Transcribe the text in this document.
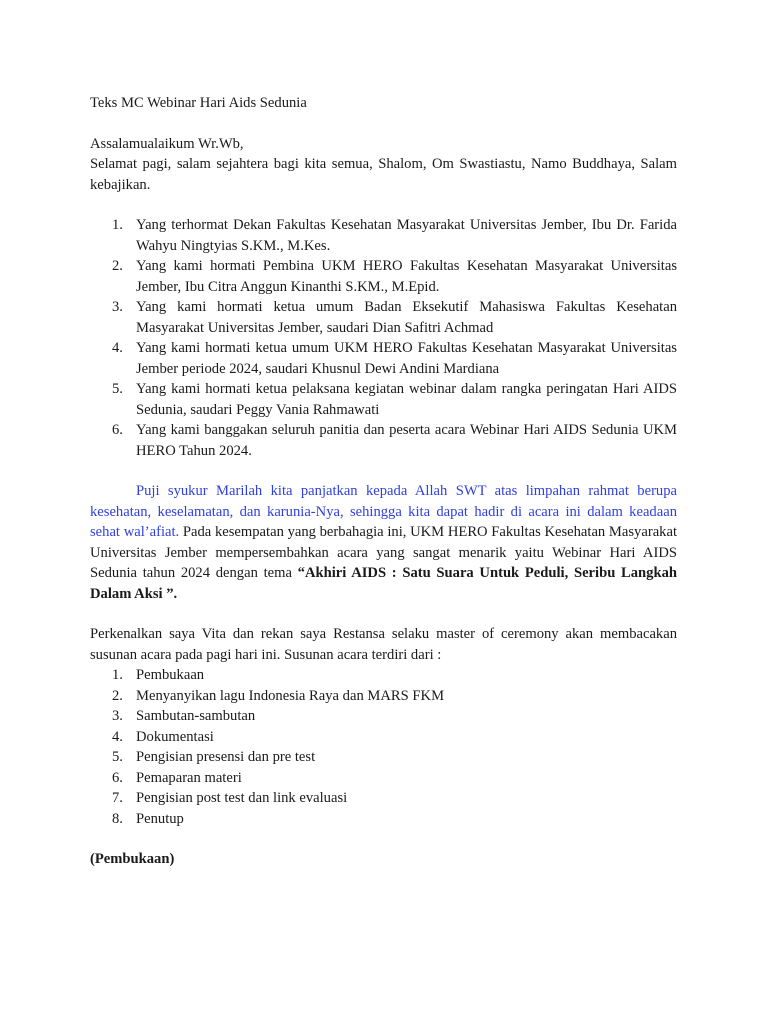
Teks MC Webinar Hari Aids Sedunia
Assalamualaikum Wr.Wb,
Selamat pagi, salam sejahtera bagi kita semua, Shalom, Om Swastiastu, Namo Buddhaya, Salam kebajikan.
1. Yang terhormat Dekan Fakultas Kesehatan Masyarakat Universitas Jember, Ibu Dr. Farida Wahyu Ningtyias S.KM., M.Kes.
2. Yang kami hormati Pembina UKM HERO Fakultas Kesehatan Masyarakat Universitas Jember, Ibu Citra Anggun Kinanthi S.KM., M.Epid.
3. Yang kami hormati ketua umum Badan Eksekutif Mahasiswa Fakultas Kesehatan Masyarakat Universitas Jember, saudari Dian Safitri Achmad
4. Yang kami hormati ketua umum UKM HERO Fakultas Kesehatan Masyarakat Universitas Jember periode 2024, saudari Khusnul Dewi Andini Mardiana
5. Yang kami hormati ketua pelaksana kegiatan webinar dalam rangka peringatan Hari AIDS Sedunia, saudari Peggy Vania Rahmawati
6. Yang kami banggakan seluruh panitia dan peserta acara Webinar Hari AIDS Sedunia UKM HERO Tahun 2024.

Puji syukur Marilah kita panjatkan kepada Allah SWT atas limpahan rahmat berupa kesehatan, keselamatan, dan karunia-Nya, sehingga kita dapat hadir di acara ini dalam keadaan sehat wal’afiat. Pada kesempatan yang berbahagia ini, UKM HERO Fakultas Kesehatan Masyarakat Universitas Jember mempersembahkan acara yang sangat menarik yaitu Webinar Hari AIDS Sedunia tahun 2024 dengan tema “Akhiri AIDS : Satu Suara Untuk Peduli, Seribu Langkah Dalam Aksi ”.

Perkenalkan saya Vita dan rekan saya Restansa selaku master of ceremony akan membacakan susunan acara pada pagi hari ini. Susunan acara terdiri dari :

1. Pembukaan
2. Menyanyikan lagu Indonesia Raya dan MARS FKM
3. Sambutan-sambutan
4. Dokumentasi
5. Pengisian presensi dan pre test
6. Pemaparan materi
7. Pengisian post test dan link evaluasi
8. Penutup
(Pembukaan)
